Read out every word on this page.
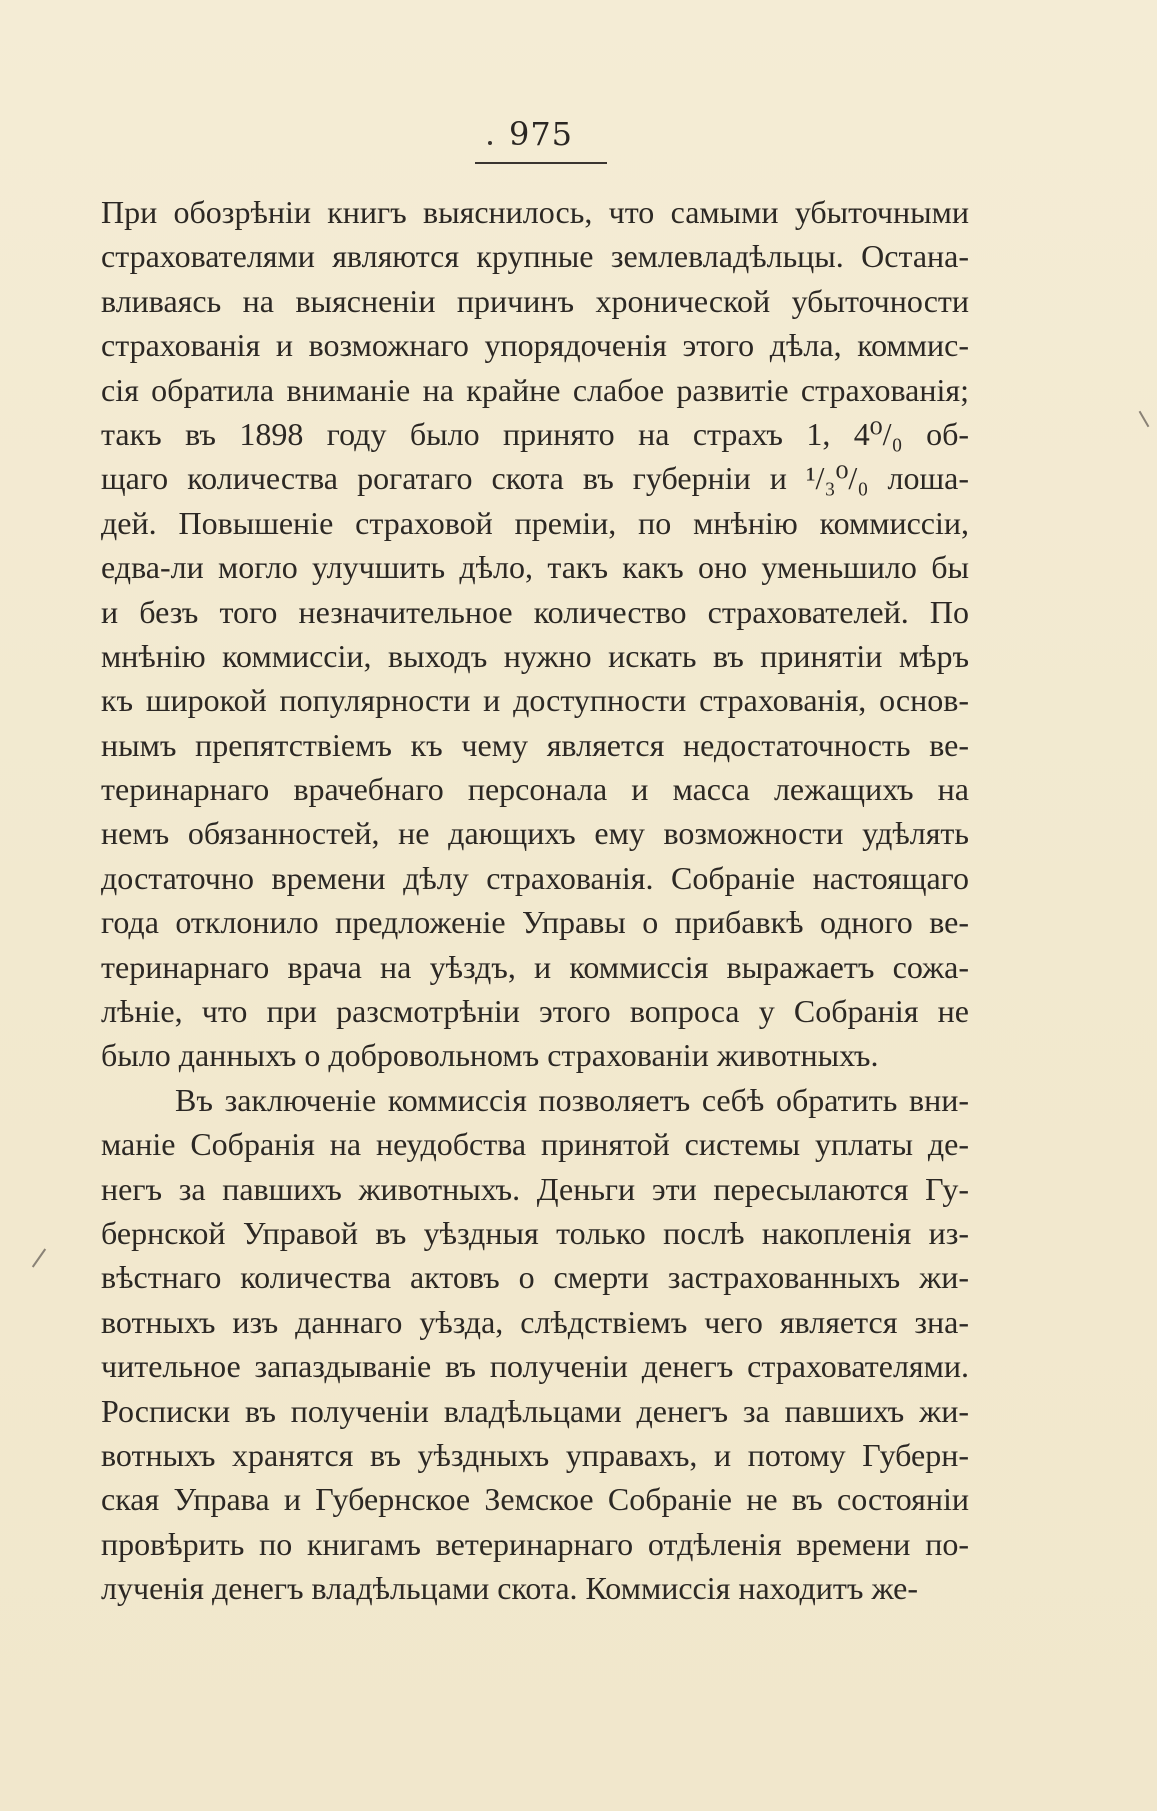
975
При обозрѣніи книгъ выяснилось, что самыми убыточными
страхователями являются крупные землевладѣльцы. Остана-
вливаясь на выясненіи причинъ хронической убыточности
страхованія и возможнаго упорядоченія этого дѣла, коммис-
сія обратила вниманіе на крайне слабое развитіе страхованія;
такъ въ 1898 году было принято на страхъ 1, 4⁰/₀ об-
щаго количества рогатаго скота въ губерніи и ¹/₃⁰/₀ лоша-
дей. Повышеніе страховой преміи, по мнѣнію коммиссіи,
едва-ли могло улучшить дѣло, такъ какъ оно уменьшило бы
и безъ того незначительное количество страхователей. По
мнѣнію коммиссіи, выходъ нужно искать въ принятіи мѣръ
къ широкой популярности и доступности страхованія, основ-
нымъ препятствіемъ къ чему является недостаточность ве-
теринарнаго врачебнаго персонала и масса лежащихъ на
немъ обязанностей, не дающихъ ему возможности удѣлять
достаточно времени дѣлу страхованія. Собраніе настоящаго
года отклонило предложеніе Управы о прибавкѣ одного ве-
теринарнаго врача на уѣздъ, и коммиссія выражаетъ сожа-
лѣніе, что при разсмотрѣніи этого вопроса у Собранія не
было данныхъ о добровольномъ страхованіи животныхъ.
Въ заключеніе коммиссія позволяетъ себѣ обратить вни-
маніе Собранія на неудобства принятой системы уплаты де-
негъ за павшихъ животныхъ. Деньги эти пересылаются Гу-
бернской Управой въ уѣздныя только послѣ накопленія из-
вѣстнаго количества актовъ о смерти застрахованныхъ жи-
вотныхъ изъ даннаго уѣзда, слѣдствіемъ чего является зна-
чительное запаздываніе въ полученіи денегъ страхователями.
Росписки въ полученіи владѣльцами денегъ за павшихъ жи-
вотныхъ хранятся въ уѣздныхъ управахъ, и потому Губерн-
ская Управа и Губернское Земское Собраніе не въ состояніи
провѣрить по книгамъ ветеринарнаго отдѣленія времени по-
лученія денегъ владѣльцами скота. Коммиссія находитъ же-
